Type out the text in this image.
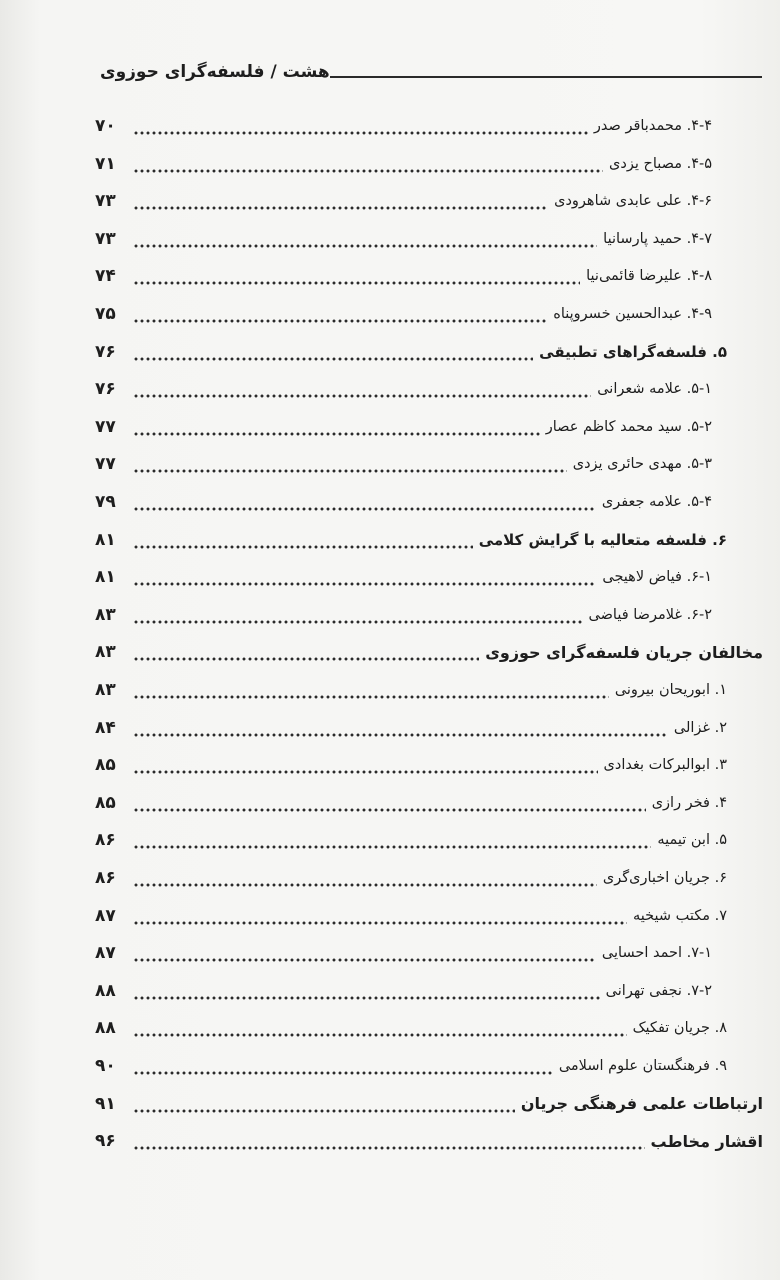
هشت / فلسفه‌گرای حوزوی
۷۰	۴-۴. محمدباقر صدر
۷۱	۴-۵. مصباح یزدی
۷۳	۴-۶. علی عابدی شاهرودی
۷۳	۴-۷. حمید پارسانیا
۷۴	۴-۸. علیرضا قائمی‌نیا
۷۵	۴-۹. عبدالحسین خسروپناه
۷۶	۵. فلسفه‌گراهای تطبیقی
۷۶	۵-۱. علامه شعرانی
۷۷	۵-۲. سید محمد کاظم عصار
۷۷	۵-۳. مهدی حائری یزدی
۷۹	۵-۴. علامه جعفری
۸۱	۶. فلسفه متعالیه با گرایش کلامی
۸۱	۶-۱. فیاض لاهیجی
۸۳	۶-۲. غلامرضا فیاضی
۸۳	مخالفان جریان فلسفه‌گرای حوزوی
۸۳	۱. ابوریحان بیرونی
۸۴	۲. غزالی
۸۵	۳. ابوالبرکات بغدادی
۸۵	۴. فخر رازی
۸۶	۵. ابن تیمیه
۸۶	۶. جریان اخباری‌گری
۸۷	۷. مکتب شیخیه
۸۷	۷-۱. احمد احسایی
۸۸	۷-۲. نجفی تهرانی
۸۸	۸. جریان تفکیک
۹۰	۹. فرهنگستان علوم اسلامی
۹۱	ارتباطات علمی فرهنگی جریان
۹۶	اقشار مخاطب
